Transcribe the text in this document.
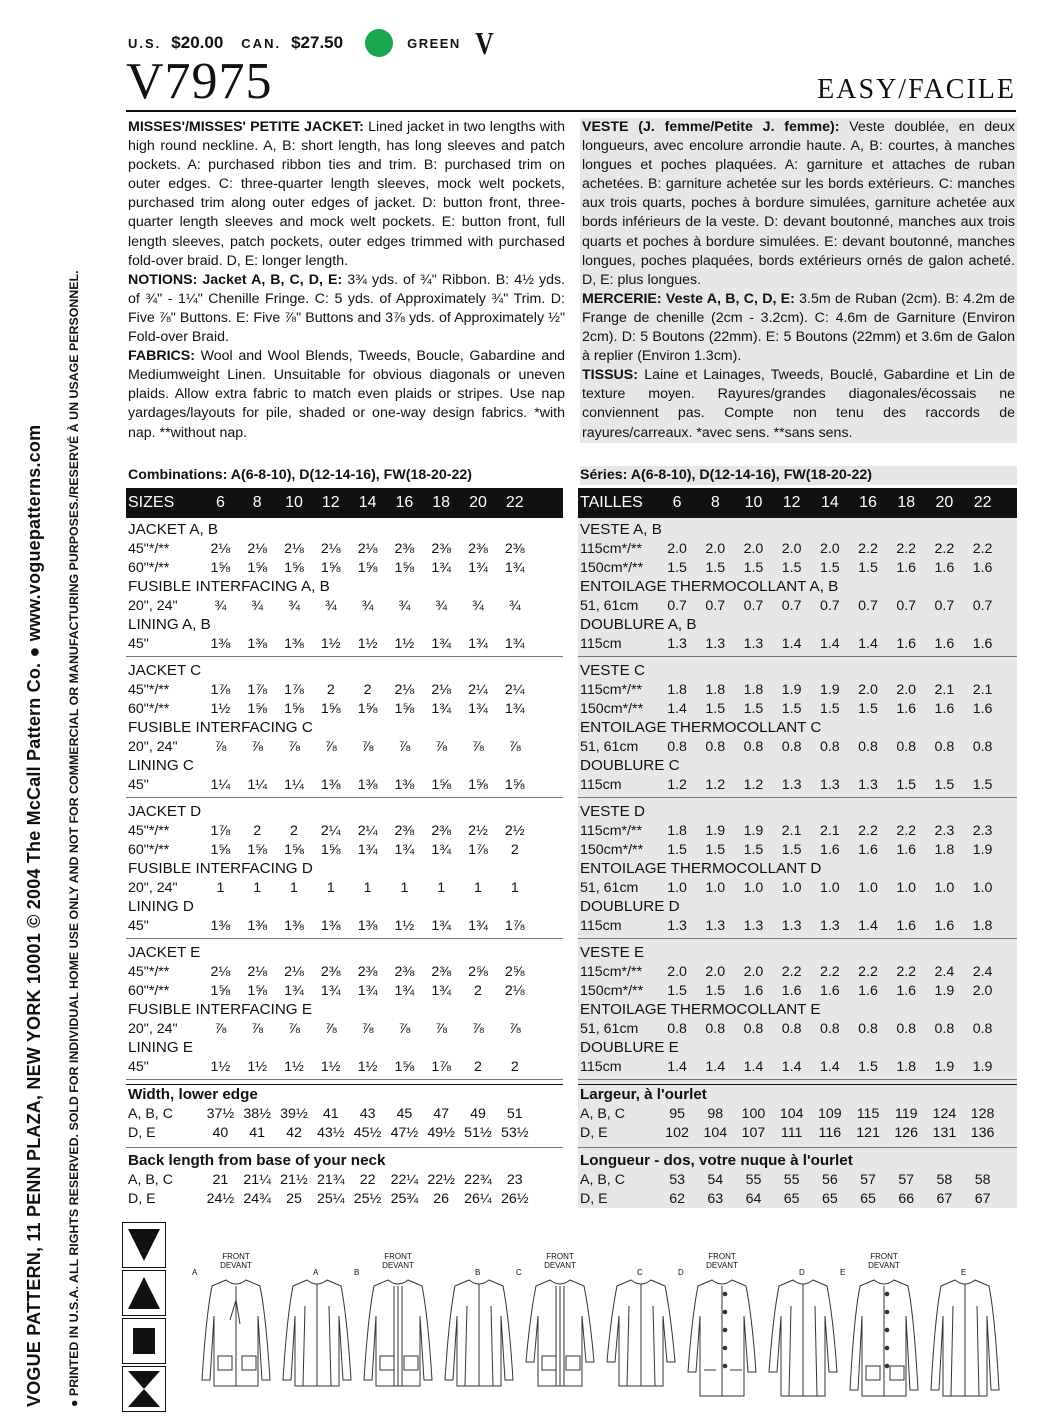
VOGUE PATTERN, 11 PENN PLAZA, NEW YORK 10001 © 2004 The McCall Pattern Co. ● www.voguepatterns.com ● PRINTED IN U.S.A. ALL RIGHTS RESERVED. SOLD FOR INDIVIDUAL HOME USE ONLY AND NOT FOR COMMERCIAL OR MANUFACTURING PURPOSES./RESERVÉ À UN USAGE PERSONNEL.
U.S. $20.00 CAN. $27.50	GREEN V
V7975	EASY/FACILE
MISSES'/MISSES' PETITE JACKET: Lined jacket in two lengths with high round neckline. A, B: short length, has long sleeves and patch pockets. A: purchased ribbon ties and trim. B: purchased trim on outer edges. C: three-quarter length sleeves, mock welt pockets, purchased trim along outer edges of jacket. D: button front, three-quarter length sleeves and mock welt pockets. E: button front, full length sleeves, patch pockets, outer edges trimmed with purchased fold-over braid. D, E: longer length.
NOTIONS: Jacket A, B, C, D, E: 3¾ yds. of ¾" Ribbon. B: 4½ yds. of ¾" - 1¼" Chenille Fringe. C: 5 yds. of Approximately ¾" Trim. D: Five ⅞" Buttons. E: Five ⅞" Buttons and 3⅞ yds. of Approximately ½" Fold-over Braid.
FABRICS: Wool and Wool Blends, Tweeds, Boucle, Gabardine and Mediumweight Linen. Unsuitable for obvious diagonals or uneven plaids. Allow extra fabric to match even plaids or stripes. Use nap yardages/layouts for pile, shaded or one-way design fabrics. *with nap. **without nap.
VESTE (J. femme/Petite J. femme): Veste doublée, en deux longueurs, avec encolure arrondie haute. A, B: courtes, à manches longues et poches plaquées. A: garniture et attaches de ruban achetées. B: garniture achetée sur les bords extérieurs. C: manches aux trois quarts, poches à bordure simulées, garniture achetée aux bords inférieurs de la veste. D: devant boutonné, manches aux trois quarts et poches à bordure simulées. E: devant boutonné, manches longues, poches plaquées, bords extérieurs ornés de galon acheté. D, E: plus longues.
MERCERIE: Veste A, B, C, D, E: 3.5m de Ruban (2cm). B: 4.2m de Frange de chenille (2cm - 3.2cm). C: 4.6m de Garniture (Environ 2cm). D: 5 Boutons (22mm). E: 5 Boutons (22mm) et 3.6m de Galon à replier (Environ 1.3cm).
TISSUS: Laine et Lainages, Tweeds, Bouclé, Gabardine et Lin de texture moyen. Rayures/grandes diagonales/écossais ne conviennent pas. Compte non tenu des raccords de rayures/carreaux. *avec sens. **sans sens.
Combinations: A(6-8-10), D(12-14-16), FW(18-20-22)	Séries: A(6-8-10), D(12-14-16), FW(18-20-22)
SIZES	6	8	10	12	14	16	18	20	22
JACKET A, B
45"*/**	2⅛	2⅛	2⅛	2⅛	2⅛	2⅜	2⅜	2⅜	2⅜
60"*/**	1⅝	1⅝	1⅝	1⅝	1⅝	1⅝	1¾	1¾	1¾
FUSIBLE INTERFACING A, B
20", 24"	¾	¾	¾	¾	¾	¾	¾	¾	¾
LINING A, B
45"	1⅜	1⅜	1⅜	1½	1½	1½	1¾	1¾	1¾
JACKET C
45"*/**	1⅞	1⅞	1⅞	2	2	2⅛	2⅛	2¼	2¼
60"*/**	1½	1⅝	1⅝	1⅝	1⅝	1⅝	1¾	1¾	1¾
FUSIBLE INTERFACING C
20", 24"	⅞	⅞	⅞	⅞	⅞	⅞	⅞	⅞	⅞
LINING C
45"	1¼	1¼	1¼	1⅜	1⅜	1⅜	1⅝	1⅝	1⅝
JACKET D
45"*/**	1⅞	2	2	2¼	2¼	2⅜	2⅜	2½	2½
60"*/**	1⅝	1⅝	1⅝	1⅝	1¾	1¾	1¾	1⅞	2
FUSIBLE INTERFACING D
20", 24"	1	1	1	1	1	1	1	1	1
LINING D
45"	1⅜	1⅜	1⅜	1⅜	1⅜	1½	1¾	1¾	1⅞
JACKET E
45"*/**	2⅛	2⅛	2⅛	2⅜	2⅜	2⅜	2⅜	2⅝	2⅝
60"*/**	1⅝	1⅝	1¾	1¾	1¾	1¾	1¾	2	2⅛
FUSIBLE INTERFACING E
20", 24"	⅞	⅞	⅞	⅞	⅞	⅞	⅞	⅞	⅞
LINING E
45"	1½	1½	1½	1½	1½	1⅝	1⅞	2	2
Width, lower edge
A, B, C	37½ 38½ 39½	41	43	45	47	49	51
D, E	40	41	42	43½ 45½ 47½ 49½ 51½ 53½
Back length from base of your neck
A, B, C	21	21¼ 21½ 21¾	22	22¼ 22½ 22¾	23
D, E	24½ 24¾	25	25¼ 25½ 25¾	26	26¼ 26½
TAILLES	6	8	10	12	14	16	18	20	22
VESTE A, B
115cm*/**	2.0	2.0	2.0	2.0	2.0	2.2	2.2	2.2	2.2
150cm*/**	1.5	1.5	1.5	1.5	1.5	1.5	1.6	1.6	1.6
ENTOILAGE THERMOCOLLANT A, B
51, 61cm	0.7	0.7	0.7	0.7	0.7	0.7	0.7	0.7	0.7
DOUBLURE A, B
115cm	1.3	1.3	1.3	1.4	1.4	1.4	1.6	1.6	1.6
VESTE C
115cm*/**	1.8	1.8	1.8	1.9	1.9	2.0	2.0	2.1	2.1
150cm*/**	1.4	1.5	1.5	1.5	1.5	1.5	1.6	1.6	1.6
ENTOILAGE THERMOCOLLANT C
51, 61cm	0.8	0.8	0.8	0.8	0.8	0.8	0.8	0.8	0.8
DOUBLURE C
115cm	1.2	1.2	1.2	1.3	1.3	1.3	1.5	1.5	1.5
VESTE D
115cm*/**	1.8	1.9	1.9	2.1	2.1	2.2	2.2	2.3	2.3
150cm*/**	1.5	1.5	1.5	1.5	1.6	1.6	1.6	1.8	1.9
ENTOILAGE THERMOCOLLANT D
51, 61cm	1.0	1.0	1.0	1.0	1.0	1.0	1.0	1.0	1.0
DOUBLURE D
115cm	1.3	1.3	1.3	1.3	1.3	1.4	1.6	1.6	1.8
VESTE E
115cm*/**	2.0	2.0	2.0	2.2	2.2	2.2	2.2	2.4	2.4
150cm*/**	1.5	1.5	1.6	1.6	1.6	1.6	1.6	1.9	2.0
ENTOILAGE THERMOCOLLANT E
51, 61cm	0.8	0.8	0.8	0.8	0.8	0.8	0.8	0.8	0.8
DOUBLURE E
115cm	1.4	1.4	1.4	1.4	1.4	1.5	1.8	1.9	1.9
Largeur, à l'ourlet
A, B, C	95	98	100	104	109	115	119	124	128
D, E	102	104	107	111	116	121	126	131	136
Longueur - dos, votre nuque à l'ourlet
A, B, C	53	54	55	55	56	57	57	58	58
D, E	62	63	64	65	65	65	66	67	67
FRONT
DEVANT

A	A
FRONT
DEVANT

B	B
FRONT
DEVANT

C	C
FRONT
DEVANT

D	D
FRONT
DEVANT

E	E
